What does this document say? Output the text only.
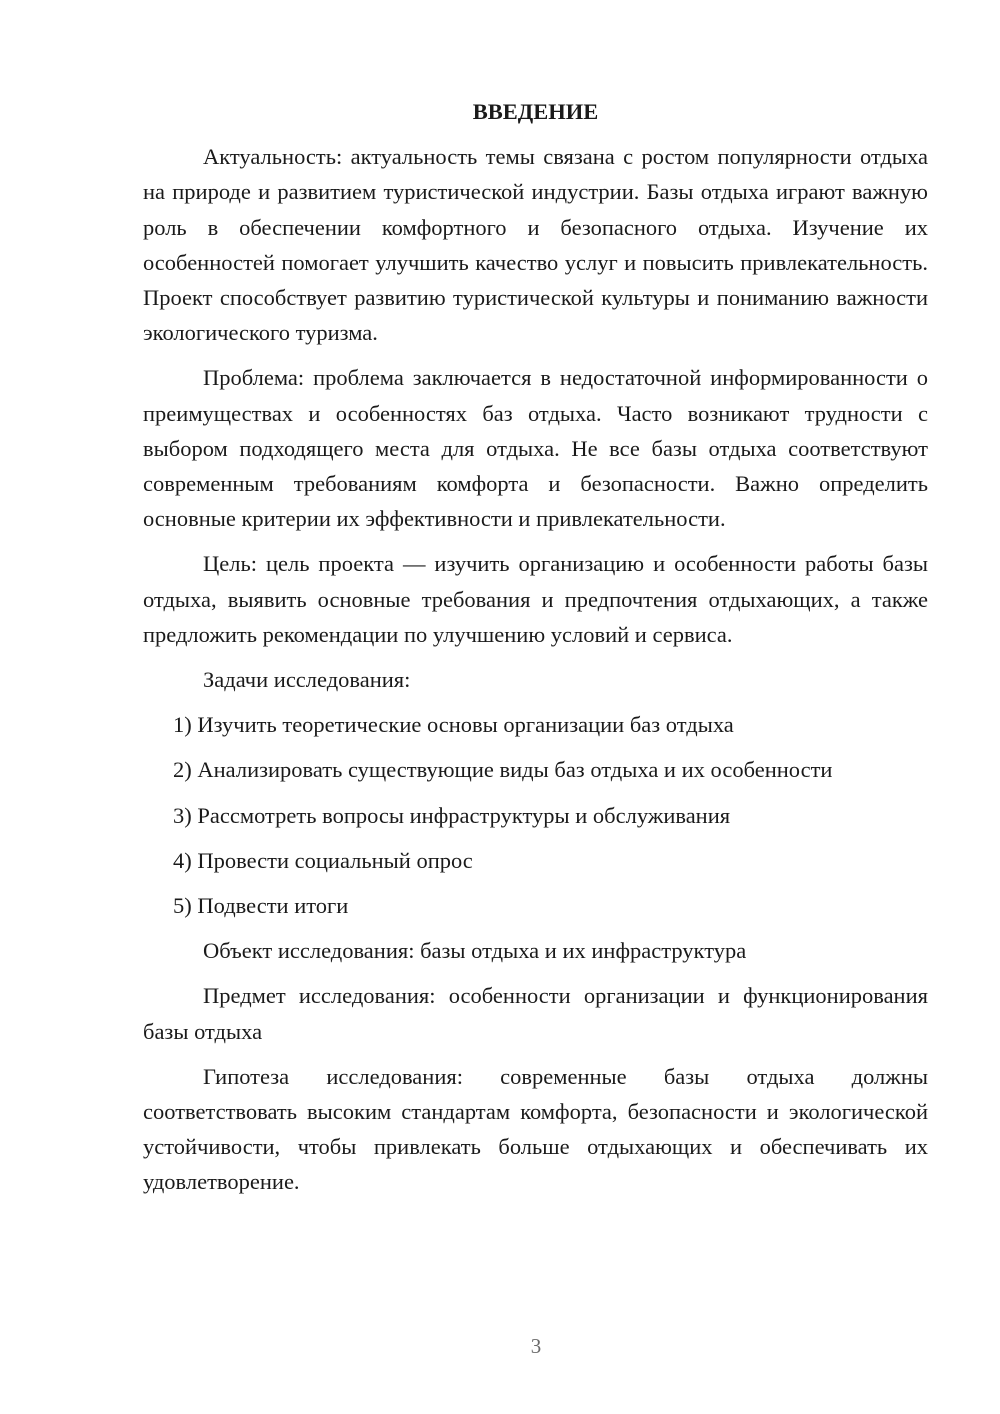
ВВЕДЕНИЕ

Актуальность: актуальность темы связана с ростом популярности отдыха на природе и развитием туристической индустрии. Базы отдыха играют важную роль в обеспечении комфортного и безопасного отдыха. Изучение их особенностей помогает улучшить качество услуг и повысить привлекательность. Проект способствует развитию туристической культуры и пониманию важности экологического туризма.

Проблема: проблема заключается в недостаточной информированности о преимуществах и особенностях баз отдыха. Часто возникают трудности с выбором подходящего места для отдыха. Не все базы отдыха соответствуют современным требованиям комфорта и безопасности. Важно определить основные критерии их эффективности и привлекательности.

Цель: цель проекта — изучить организацию и особенности работы базы отдыха, выявить основные требования и предпочтения отдыхающих, а также предложить рекомендации по улучшению условий и сервиса.

Задачи исследования:

1) Изучить теоретические основы организации баз отдыха
2) Анализировать существующие виды баз отдыха и их особенности
3) Рассмотреть вопросы инфраструктуры и обслуживания
4) Провести социальный опрос
5) Подвести итоги

Объект исследования: базы отдыха и их инфраструктура

Предмет исследования: особенности организации и функционирования базы отдыха

Гипотеза исследования: современные базы отдыха должны соответствовать высоким стандартам комфорта, безопасности и экологической устойчивости, чтобы привлекать больше отдыхающих и обеспечивать их удовлетворение.

3
